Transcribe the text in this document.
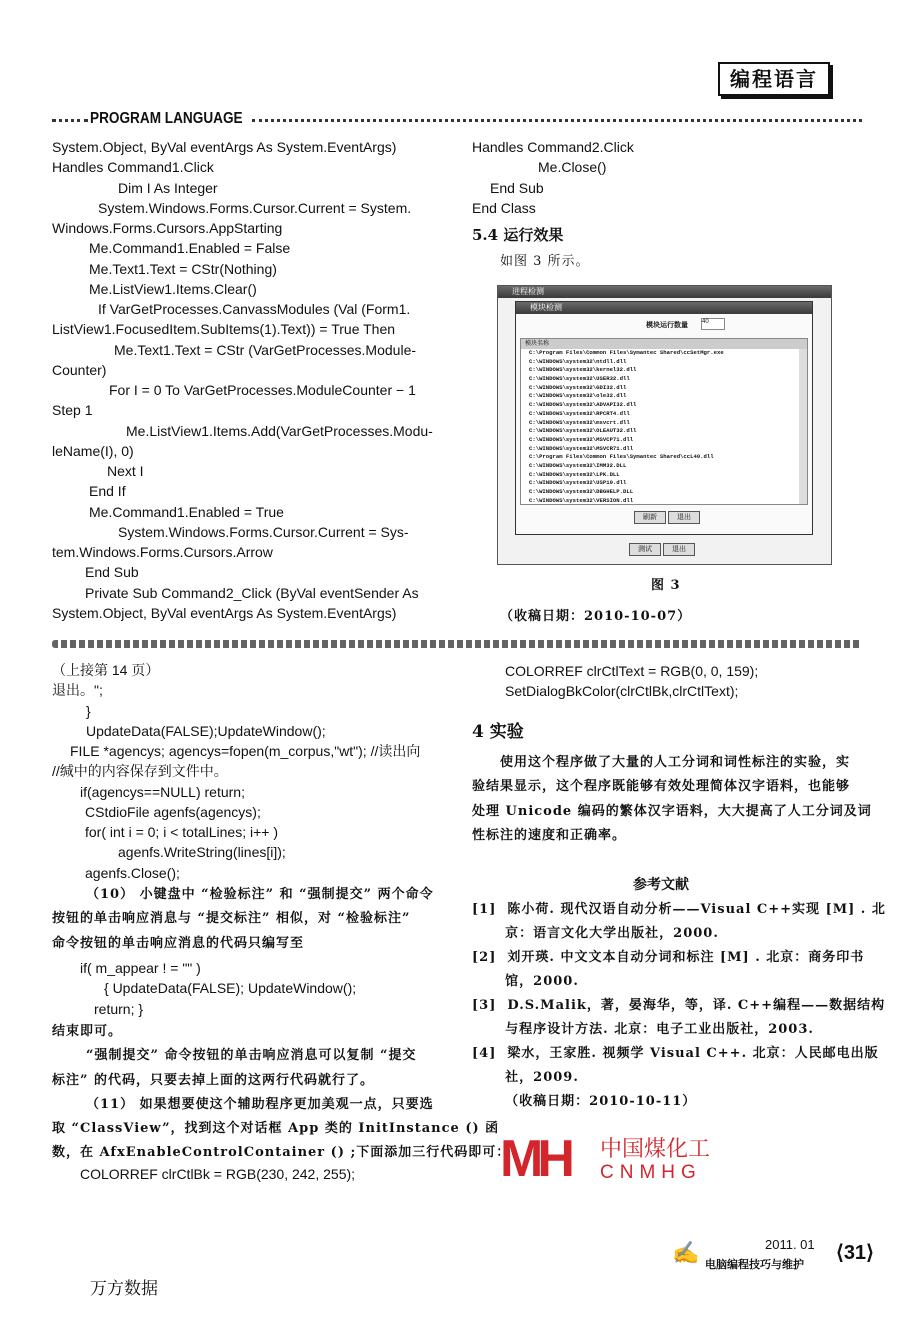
编程语言
PROGRAM LANGUAGE
System.Object, ByVal eventArgs As System.EventArgs)
Handles Command1.Click
Dim I As Integer
System.Windows.Forms.Cursor.Current = System.
Windows.Forms.Cursors.AppStarting
Me.Command1.Enabled = False
Me.Text1.Text = CStr(Nothing)
Me.ListView1.Items.Clear()
If VarGetProcesses.CanvassModules (Val (Form1.
ListView1.FocusedItem.SubItems(1).Text)) = True Then
Me.Text1.Text = CStr (VarGetProcesses.Module-
Counter)
For I = 0 To VarGetProcesses.ModuleCounter − 1
Step 1
Me.ListView1.Items.Add(VarGetProcesses.Modu-
leName(I), 0)
Next I
End If
Me.Command1.Enabled = True
System.Windows.Forms.Cursor.Current = Sys-
tem.Windows.Forms.Cursors.Arrow
End Sub
Private Sub Command2_Click (ByVal eventSender As
System.Object, ByVal eventArgs As System.EventArgs)
Handles Command2.Click
Me.Close()
End Sub
End Class
5.4 运行效果
如图 3 所示。
进程检测
模块检测
模块运行数量 40
模块名称
C:\Program Files\Common Files\Symantec Shared\ccSetMgr.exe
C:\WINDOWS\system32\ntdll.dll
C:\WINDOWS\system32\kernel32.dll
C:\WINDOWS\system32\USER32.dll
C:\WINDOWS\system32\GDI32.dll
C:\WINDOWS\system32\ole32.dll
C:\WINDOWS\system32\ADVAPI32.dll
C:\WINDOWS\system32\RPCRT4.dll
C:\WINDOWS\system32\msvcrt.dll
C:\WINDOWS\system32\OLEAUT32.dll
C:\WINDOWS\system32\MSVCP71.dll
C:\WINDOWS\system32\MSVCR71.dll
C:\Program Files\Common Files\Symantec Shared\ccL40.dll
C:\WINDOWS\system32\IMM32.DLL
C:\WINDOWS\system32\LPK.DLL
C:\WINDOWS\system32\USP10.dll
C:\WINDOWS\system32\DBGHELP.DLL
C:\WINDOWS\system32\VERSION.dll
刷新	退出
测试	退出
图 3
（收稿日期：2010-10-07）
（上接第 14 页）
退出。";
}
UpdateData(FALSE);UpdateWindow();
FILE *agencys; agencys=fopen(m_corpus,"wt"); //读出向
//缄中的内容保存到文件中。
if(agencys==NULL) return;
CStdioFile agenfs(agencys);
for( int i = 0; i < totalLines; i++ )
agenfs.WriteString(lines[i]);
agenfs.Close();
（10） 小键盘中 “检验标注” 和 “强制提交” 两个命令
按钮的单击响应消息与 “提交标注” 相似，对 “检验标注”
命令按钮的单击响应消息的代码只编写至
if( m_appear ! = "" )
{ UpdateData(FALSE); UpdateWindow();
return; }
结束即可。
“强制提交” 命令按钮的单击响应消息可以复制 “提交
标注” 的代码，只要去掉上面的这两行代码就行了。
（11） 如果想要使这个辅助程序更加美观一点，只要选
取 “ClassView”，找到这个对话框 App 类的 InitInstance () 函
数，在 AfxEnableControlContainer () ;下面添加三行代码即可：
COLORREF clrCtlBk = RGB(230, 242, 255);
COLORREF clrCtlText = RGB(0, 0, 159);
SetDialogBkColor(clrCtlBk,clrCtlText);
4 实验
使用这个程序做了大量的人工分词和词性标注的实验，实
验结果显示，这个程序既能够有效处理简体汉字语料，也能够
处理 Unicode 编码的繁体汉字语料，大大提高了人工分词及词
性标注的速度和正确率。
参考文献
[1]  陈小荷. 现代汉语自动分析——Visual C++实现 [M] . 北
京：语言文化大学出版社，2000.
[2]  刘开瑛. 中文文本自动分词和标注 [M] . 北京：商务印书
馆，2000.
[3]  D.S.Malik，著，晏海华，等，译. C++编程——数据结构
与程序设计方法. 北京：电子工业出版社，2003.
[4]  梁水，王家胜. 视频学 Visual C++. 北京：人民邮电出版
社，2009.
（收稿日期：2010-10-11）
MH	中国煤化工
CNMHG
万方数据
✍	2011. 01
电脑编程技巧与维护
⟨31⟩
